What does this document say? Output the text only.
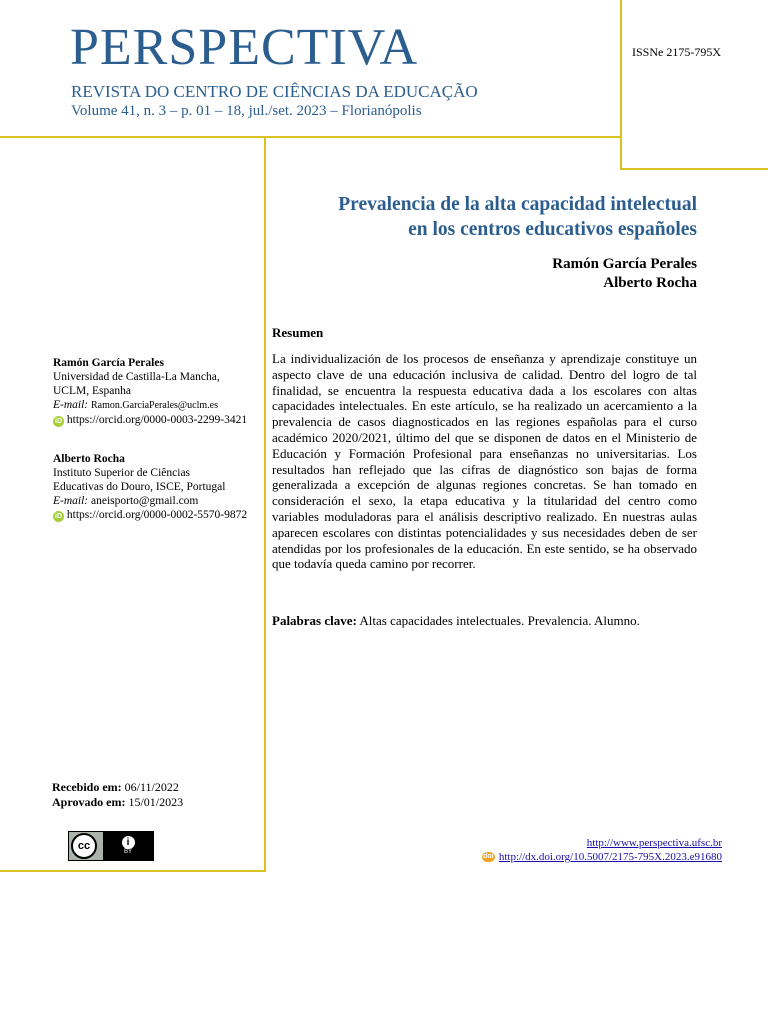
PERSPECTIVA
REVISTA DO CENTRO DE CIÊNCIAS DA EDUCAÇÃO
Volume 41, n. 3 – p. 01 – 18, jul./set. 2023 – Florianópolis
ISSNe 2175-795X
Prevalencia de la alta capacidad intelectual
en los centros educativos españoles
Ramón García Perales
Alberto Rocha
Resumen
La individualización de los procesos de enseñanza y aprendizaje constituye un aspecto clave de una educación inclusiva de calidad. Dentro del logro de tal finalidad, se encuentra la respuesta educativa dada a los escolares con altas capacidades intelectuales. En este artículo, se ha realizado un acercamiento a la prevalencia de casos diagnosticados en las regiones españolas para el curso académico 2020/2021, último del que se disponen de datos en el Ministerio de Educación y Formación Profesional para enseñanzas no universitarias. Los resultados han reflejado que las cifras de diagnóstico son bajas de forma generalizada a excepción de algunas regiones concretas. Se han tomado en consideración el sexo, la etapa educativa y la titularidad del centro como variables moduladoras para el análisis descriptivo realizado. En nuestras aulas aparecen escolares con distintas potencialidades y sus necesidades deben de ser atendidas por los profesionales de la educación. En este sentido, se ha observado que todavía queda camino por recorrer.
Palabras clave: Altas capacidades intelectuales. Prevalencia. Alumno.
Ramón García Perales
Universidad de Castilla-La Mancha,
UCLM, Espanha
E-mail: Ramon.GarciaPerales@uclm.es
iD https://orcid.org/0000-0003-2299-3421
Alberto Rocha
Instituto Superior de Ciências
Educativas do Douro, ISCE, Portugal
E-mail: aneisporto@gmail.com
iD https://orcid.org/0000-0002-5570-9872
Recebido em: 06/11/2022
Aprovado em: 15/01/2023
cc	i
BY
http://www.perspectiva.ufsc.br
doi http://dx.doi.org/10.5007/2175-795X.2023.e91680
